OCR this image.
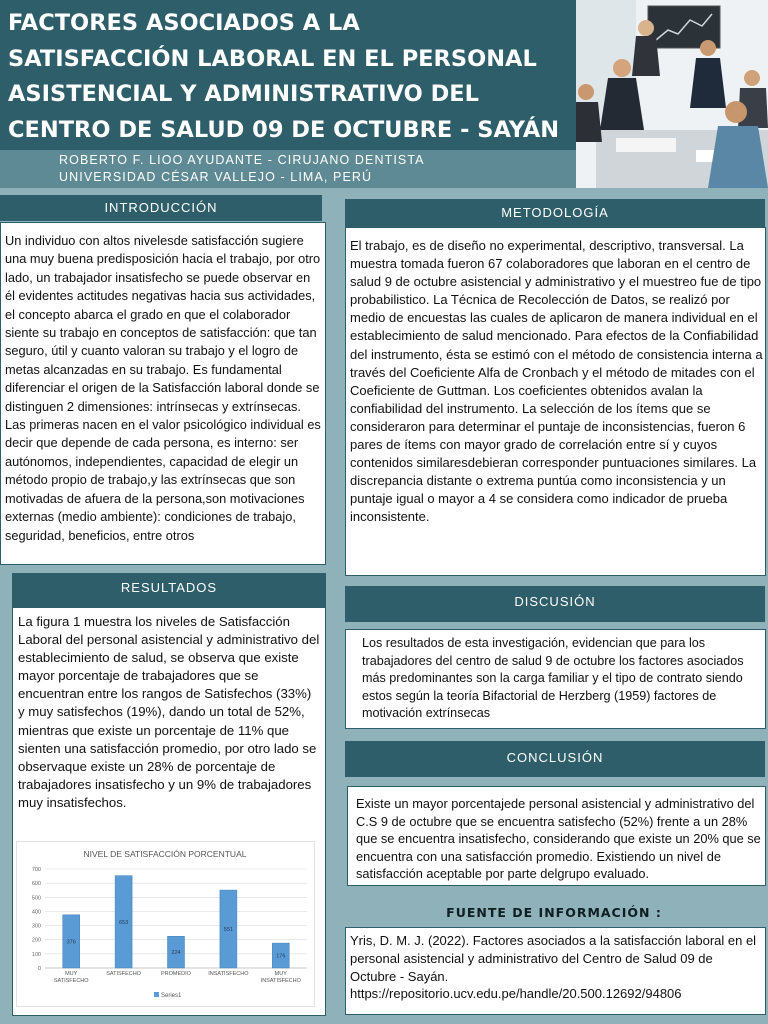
FACTORES ASOCIADOS A LA
SATISFACCIÓN LABORAL EN EL PERSONAL
ASISTENCIAL Y ADMINISTRATIVO DEL
CENTRO DE SALUD 09 DE OCTUBRE - SAYÁN
ROBERTO F. LIOO AYUDANTE - CIRUJANO DENTISTA
UNIVERSIDAD CÉSAR VALLEJO - LIMA, PERÚ
INTRODUCCIÓN

Un individuo con altos nivelesde satisfacción sugiere una muy buena predisposición hacia el trabajo, por otro lado, un trabajador insatisfecho se puede observar en él evidentes actitudes negativas hacia sus actividades, el concepto abarca el grado en que el colaborador siente su trabajo en conceptos de satisfacción: que tan seguro, útil y cuanto valoran su trabajo y el logro de metas alcanzadas en su trabajo. Es fundamental diferenciar el origen de la Satisfacción laboral donde se distinguen 2 dimensiones: intrínsecas y extrínsecas. Las primeras nacen en el valor psicológico individual es decir que depende de cada persona, es interno: ser autónomos, independientes, capacidad de elegir un método propio de trabajo,y las extrínsecas que son motivadas de afuera de la persona,son motivaciones externas (medio ambiente): condiciones de trabajo, seguridad, beneficios, entre otros

METODOLOGÍA

El trabajo, es de diseño no experimental, descriptivo, transversal. La muestra tomada fueron 67 colaboradores que laboran en el centro de salud 9 de octubre asistencial y administrativo y el muestreo fue de tipo probabilistico. La Técnica de Recolección de Datos, se realizó por medio de encuestas las cuales de aplicaron de manera individual en el establecimiento de salud mencionado. Para efectos de la Confiabilidad del instrumento, ésta se estimó con el método de consistencia interna a través del Coeficiente Alfa de Cronbach y el método de mitades con el Coeficiente de Guttman. Los coeficientes obtenidos avalan la confiabilidad del instrumento. La selección de los ítems que se consideraron para determinar el puntaje de inconsistencias, fueron 6 pares de ítems con mayor grado de correlación entre sí y cuyos contenidos similaresdebieran corresponder puntuaciones similares. La discrepancia distante o extrema puntúa como inconsistencia y un puntaje igual o mayor a 4 se considera como indicador de prueba inconsistente.

RESULTADOS

La figura 1 muestra los niveles de Satisfacción Laboral del personal asistencial y administrativo del establecimiento de salud, se observa que existe mayor porcentaje de trabajadores que se encuentran entre los rangos de Satisfechos (33%) y muy satisfechos (19%), dando un total de 52%, mientras que existe un porcentaje de 11% que sienten una satisfacción promedio, por otro lado se observaque existe un 28% de porcentaje de trabajadores insatisfecho y un 9% de trabajadores muy insatisfechos.

NIVEL DE SATISFACCIÓN PORCENTUAL
0
100
200
300
400
500
600
700
376
653
224
551
176
MUY
SATISFECHO
SATISFECHO	PROMEDIO	INSATISFECHO	MUY
INSATISFECHO
Series1
DISCUSIÓN

Los resultados de esta investigación, evidencian que para los trabajadores del centro de salud 9 de octubre los factores asociados más predominantes son la carga familiar y el tipo de contrato siendo estos según la teoría Bifactorial de Herzberg (1959) factores de motivación extrínsecas

CONCLUSIÓN

Existe un mayor porcentajede personal asistencial y administrativo del C.S 9 de octubre que se encuentra satisfecho (52%) frente a un 28% que se encuentra insatisfecho, considerando que existe un 20% que se encuentra con una satisfacción promedio. Existiendo un nivel de satisfacción aceptable por parte delgrupo evaluado.

FUENTE DE INFORMACIÓN :

Yris, D. M. J. (2022). Factores asociados a la satisfacción laboral en el personal asistencial y administrativo del Centro de Salud 09 de Octubre - Sayán. https://repositorio.ucv.edu.pe/handle/20.500.12692/94806
